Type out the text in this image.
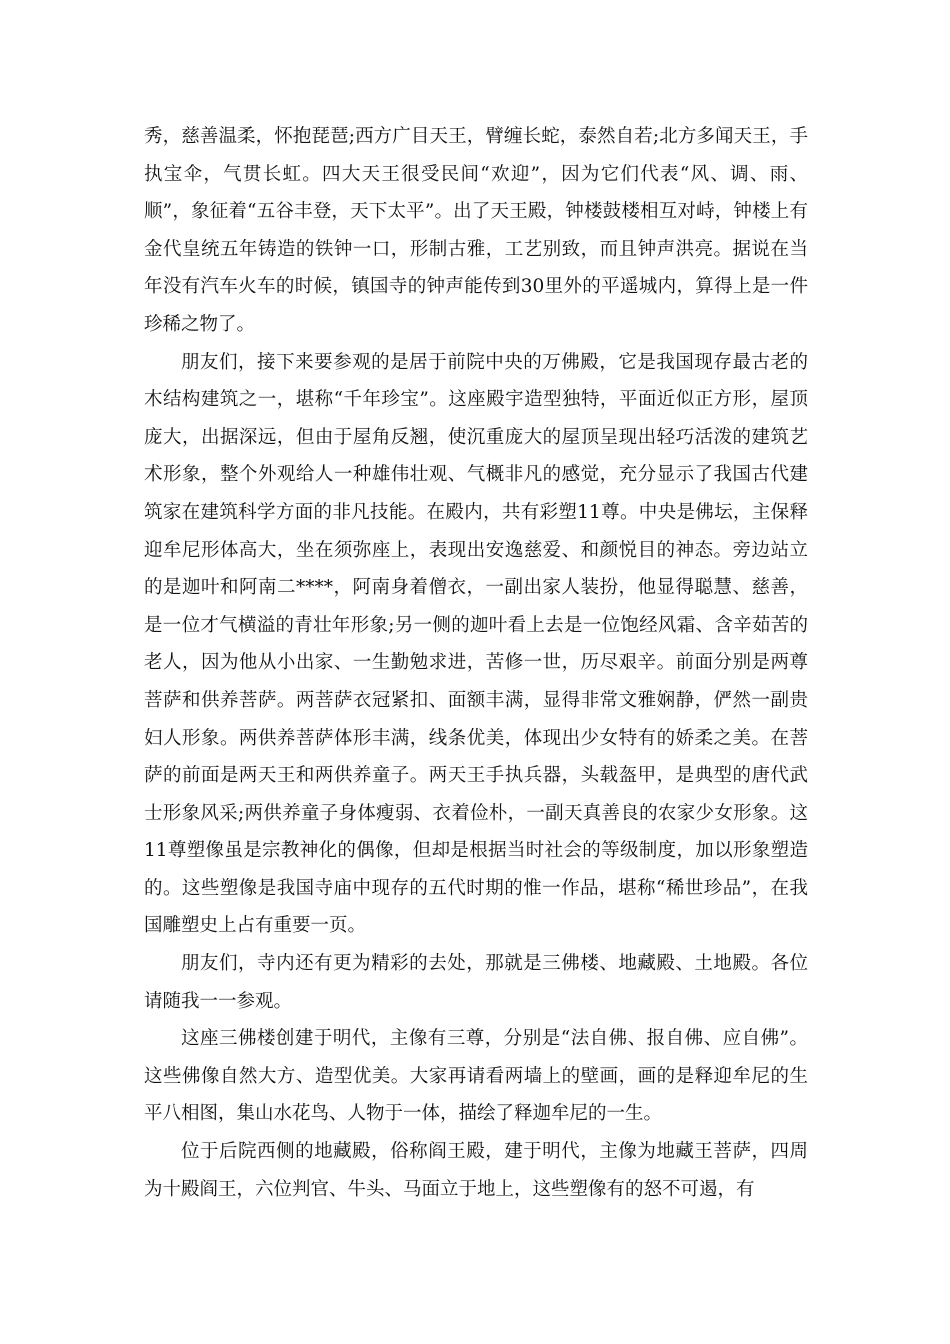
秀，慈善温柔，怀抱琵琶;西方广目天王，臂缠长蛇，泰然自若;北方多闻天王，手执宝伞，气贯长虹。四大天王很受民间“欢迎”，因为它们代表“风、调、雨、顺”，象征着“五谷丰登，天下太平”。出了天王殿，钟楼鼓楼相互对峙，钟楼上有金代皇统五年铸造的铁钟一口，形制古雅，工艺别致，而且钟声洪亮。据说在当年没有汽车火车的时候，镇国寺的钟声能传到30里外的平遥城内，算得上是一件珍稀之物了。

朋友们，接下来要参观的是居于前院中央的万佛殿，它是我国现存最古老的木结构建筑之一，堪称“千年珍宝”。这座殿宇造型独特，平面近似正方形，屋顶庞大，出据深远，但由于屋角反翘，使沉重庞大的屋顶呈现出轻巧活泼的建筑艺术形象，整个外观给人一种雄伟壮观、气概非凡的感觉，充分显示了我国古代建筑家在建筑科学方面的非凡技能。在殿内，共有彩塑11尊。中央是佛坛，主保释迎牟尼形体高大，坐在须弥座上，表现出安逸慈爱、和颜悦目的神态。旁边站立的是迦叶和阿南二****，阿南身着僧衣，一副出家人装扮，他显得聪慧、慈善，是一位才气横溢的青壮年形象;另一侧的迦叶看上去是一位饱经风霜、含辛茹苦的老人，因为他从小出家、一生勤勉求进，苦修一世，历尽艰辛。前面分别是两尊菩萨和供养菩萨。两菩萨衣冠紧扣、面额丰满，显得非常文雅娴静，俨然一副贵妇人形象。两供养菩萨体形丰满，线条优美，体现出少女特有的娇柔之美。在菩萨的前面是两天王和两供养童子。两天王手执兵器，头载盔甲，是典型的唐代武士形象风采;两供养童子身体瘦弱、衣着俭朴，一副天真善良的农家少女形象。这11尊塑像虽是宗教神化的偶像，但却是根据当时社会的等级制度，加以形象塑造的。这些塑像是我国寺庙中现存的五代时期的惟一作品，堪称“稀世珍品”，在我国雕塑史上占有重要一页。

朋友们，寺内还有更为精彩的去处，那就是三佛楼、地藏殿、土地殿。各位请随我一一参观。

这座三佛楼创建于明代，主像有三尊，分别是“法自佛、报自佛、应自佛”。这些佛像自然大方、造型优美。大家再请看两墙上的壁画，画的是释迎牟尼的生平八相图，集山水花鸟、人物于一体，描绘了释迦牟尼的一生。

位于后院西侧的地藏殿，俗称阎王殿，建于明代，主像为地藏王菩萨，四周为十殿阎王，六位判官、牛头、马面立于地上，这些塑像有的怒不可遏，有
